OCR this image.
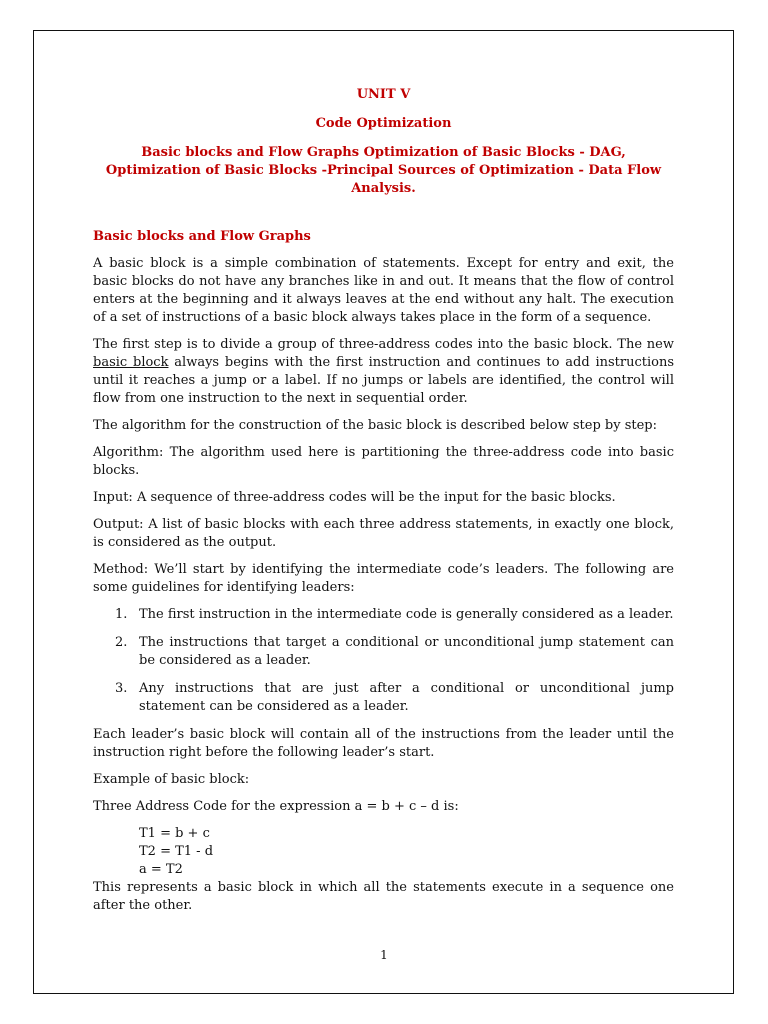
UNIT V
Code Optimization
Basic blocks and Flow Graphs Optimization of Basic Blocks - DAG, Optimization of Basic Blocks -Principal Sources of Optimization - Data Flow Analysis.
Basic blocks and Flow Graphs

A basic block is a simple combination of statements. Except for entry and exit, the basic blocks do not have any branches like in and out. It means that the flow of control enters at the beginning and it always leaves at the end without any halt. The execution of a set of instructions of a basic block always takes place in the form of a sequence.

The first step is to divide a group of three-address codes into the basic block. The new basic block always begins with the first instruction and continues to add instructions until it reaches a jump or a label. If no jumps or labels are identified, the control will flow from one instruction to the next in sequential order.

The algorithm for the construction of the basic block is described below step by step:

Algorithm: The algorithm used here is partitioning the three-address code into basic blocks.

Input: A sequence of three-address codes will be the input for the basic blocks.

Output: A list of basic blocks with each three address statements, in exactly one block, is considered as the output.

Method: We’ll start by identifying the intermediate code’s leaders. The following are some guidelines for identifying leaders:

1. The first instruction in the intermediate code is generally considered as a leader.
2. The instructions that target a conditional or unconditional jump statement can be considered as a leader.
3. Any instructions that are just after a conditional or unconditional jump statement can be considered as a leader.

Each leader’s basic block will contain all of the instructions from the leader until the instruction right before the following leader’s start.

Example of basic block:

Three Address Code for the expression a = b + c – d is:

T1 = b + c
T2 = T1 - d
a = T2

This represents a basic block in which all the statements execute in a sequence one after the other.

1
